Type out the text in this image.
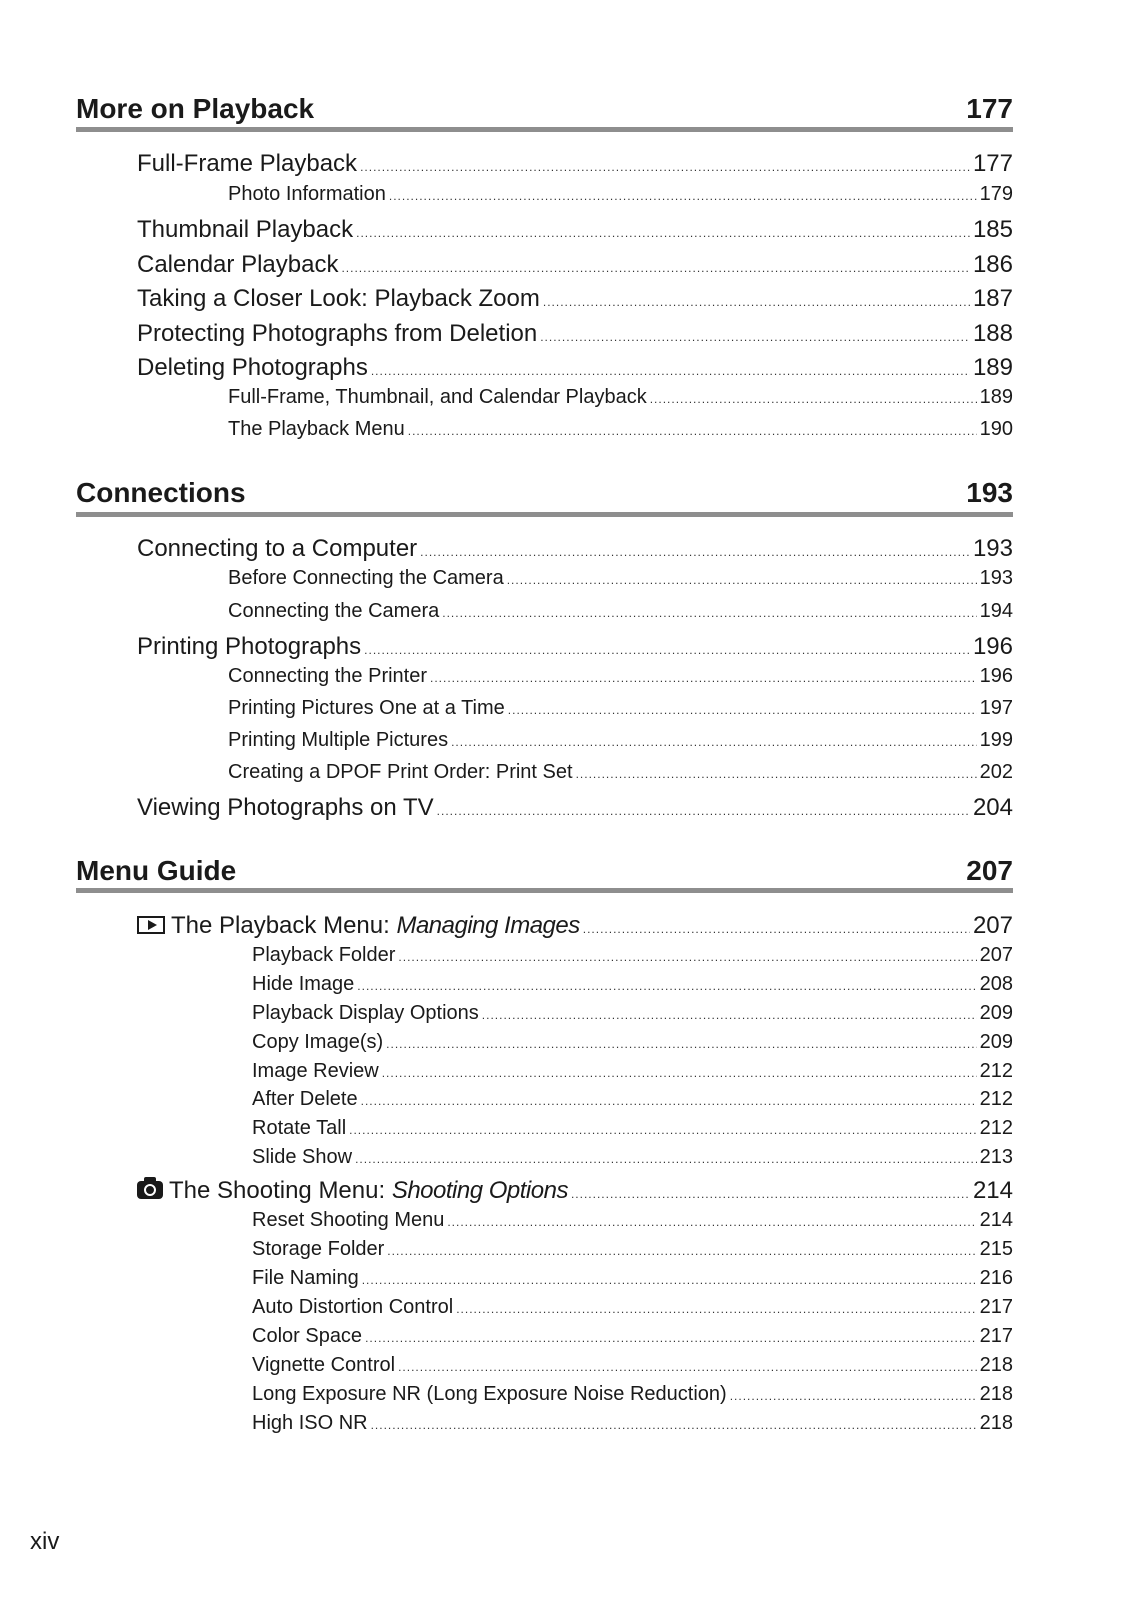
More on Playback	177
Full-Frame Playback .....	177
Photo Information .....	179
Thumbnail Playback .....	185
Calendar Playback .....	186
Taking a Closer Look: Playback Zoom .....	187
Protecting Photographs from Deletion .....	188
Deleting Photographs .....	189
Full-Frame, Thumbnail, and Calendar Playback .....	189
The Playback Menu .....	190
Connections	193
Connecting to a Computer .....	193
Before Connecting the Camera .....	193
Connecting the Camera .....	194
Printing Photographs .....	196
Connecting the Printer .....	196
Printing Pictures One at a Time .....	197
Printing Multiple Pictures .....	199
Creating a DPOF Print Order: Print Set .....	202
Viewing Photographs on TV .....	204
Menu Guide	207
The Playback Menu: Managing Images .....	207
Playback Folder .....	207
Hide Image .....	208
Playback Display Options .....	209
Copy Image(s) .....	209
Image Review .....	212
After Delete .....	212
Rotate Tall .....	212
Slide Show .....	213
The Shooting Menu: Shooting Options .....	214
Reset Shooting Menu .....	214
Storage Folder .....	215
File Naming .....	216
Auto Distortion Control .....	217
Color Space .....	217
Vignette Control .....	218
Long Exposure NR (Long Exposure Noise Reduction) .....	218
High ISO NR .....	218
xiv
